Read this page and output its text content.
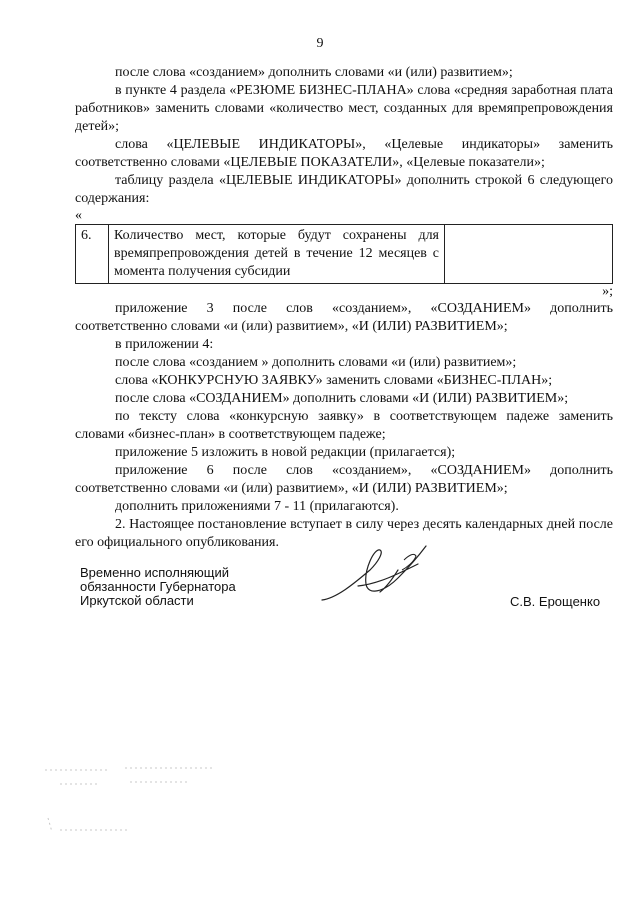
9

после слова «созданием» дополнить словами «и (или) развитием»;

в пункте 4 раздела «РЕЗЮМЕ БИЗНЕС-ПЛАНА» слова «средняя заработная плата работников» заменить словами «количество мест, созданных для времяпрепровождения детей»;

слова «ЦЕЛЕВЫЕ ИНДИКАТОРЫ», «Целевые индикаторы» заменить соответственно словами «ЦЕЛЕВЫЕ ПОКАЗАТЕЛИ», «Целевые показатели»;

таблицу раздела «ЦЕЛЕВЫЕ ИНДИКАТОРЫ» дополнить строкой 6 следующего содержания:

«
6.	Количество мест, которые будут сохранены для времяпрепровождения детей в течение 12 месяцев с момента получения субсидии	
»;

приложение 3 после слов «созданием», «СОЗДАНИЕМ» дополнить соответственно словами «и (или) развитием», «И (ИЛИ) РАЗВИТИЕМ»;

в приложении 4:

после слова «созданием » дополнить словами «и (или) развитием»;

слова «КОНКУРСНУЮ ЗАЯВКУ» заменить словами «БИЗНЕС-ПЛАН»;

после слова «СОЗДАНИЕМ» дополнить словами «И (ИЛИ) РАЗВИТИЕМ»;

по тексту слова «конкурсную заявку» в соответствующем падеже заменить словами «бизнес-план» в соответствующем падеже;

приложение 5 изложить в новой редакции (прилагается);

приложение 6 после слов «созданием», «СОЗДАНИЕМ» дополнить соответственно словами «и (или) развитием», «И (ИЛИ) РАЗВИТИЕМ»;

дополнить приложениями 7 - 11 (прилагаются).

2. Настоящее постановление вступает в силу через десять календарных дней после его официального опубликования.

Временно исполняющий
обязанности Губернатора
Иркутской области	С.В. Ерощенко
